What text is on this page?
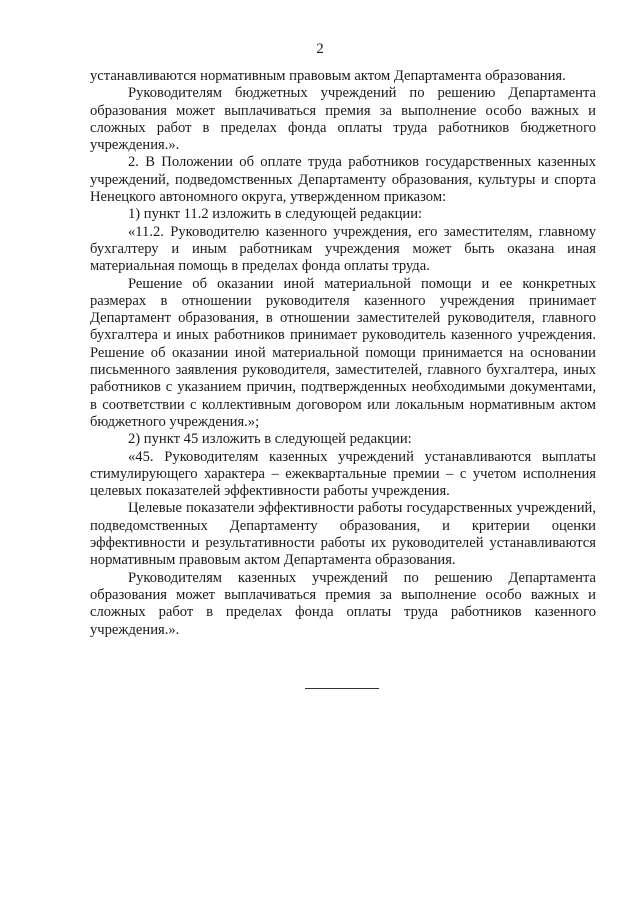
2

устанавливаются нормативным правовым актом Департамента образования.

Руководителям бюджетных учреждений по решению Департамента образования может выплачиваться премия за выполнение особо важных и сложных работ в пределах фонда оплаты труда работников бюджетного учреждения.».

2. В Положении об оплате труда работников государственных казенных учреждений, подведомственных Департаменту образования, культуры и спорта Ненецкого автономного округа, утвержденном приказом:

1) пункт 11.2 изложить в следующей редакции:

«11.2. Руководителю казенного учреждения, его заместителям, главному бухгалтеру и иным работникам учреждения может быть оказана иная материальная помощь в пределах фонда оплаты труда.

Решение об оказании иной материальной помощи и ее конкретных размерах в отношении руководителя казенного учреждения принимает Департамент образования, в отношении заместителей руководителя, главного бухгалтера и иных работников принимает руководитель казенного учреждения. Решение об оказании иной материальной помощи принимается на основании письменного заявления руководителя, заместителей, главного бухгалтера, иных работников с указанием причин, подтвержденных необходимыми документами, в соответствии с коллективным договором или локальным нормативным актом бюджетного учреждения.»;

2) пункт 45 изложить в следующей редакции:

«45. Руководителям казенных учреждений устанавливаются выплаты стимулирующего характера – ежеквартальные премии – с учетом исполнения целевых показателей эффективности работы учреждения.

Целевые показатели эффективности работы государственных учреждений, подведомственных Департаменту образования, и критерии оценки эффективности и результативности работы их руководителей устанавливаются нормативным правовым актом Департамента образования.

Руководителям казенных учреждений по решению Департамента образования может выплачиваться премия за выполнение особо важных и сложных работ в пределах фонда оплаты труда работников казенного учреждения.».
